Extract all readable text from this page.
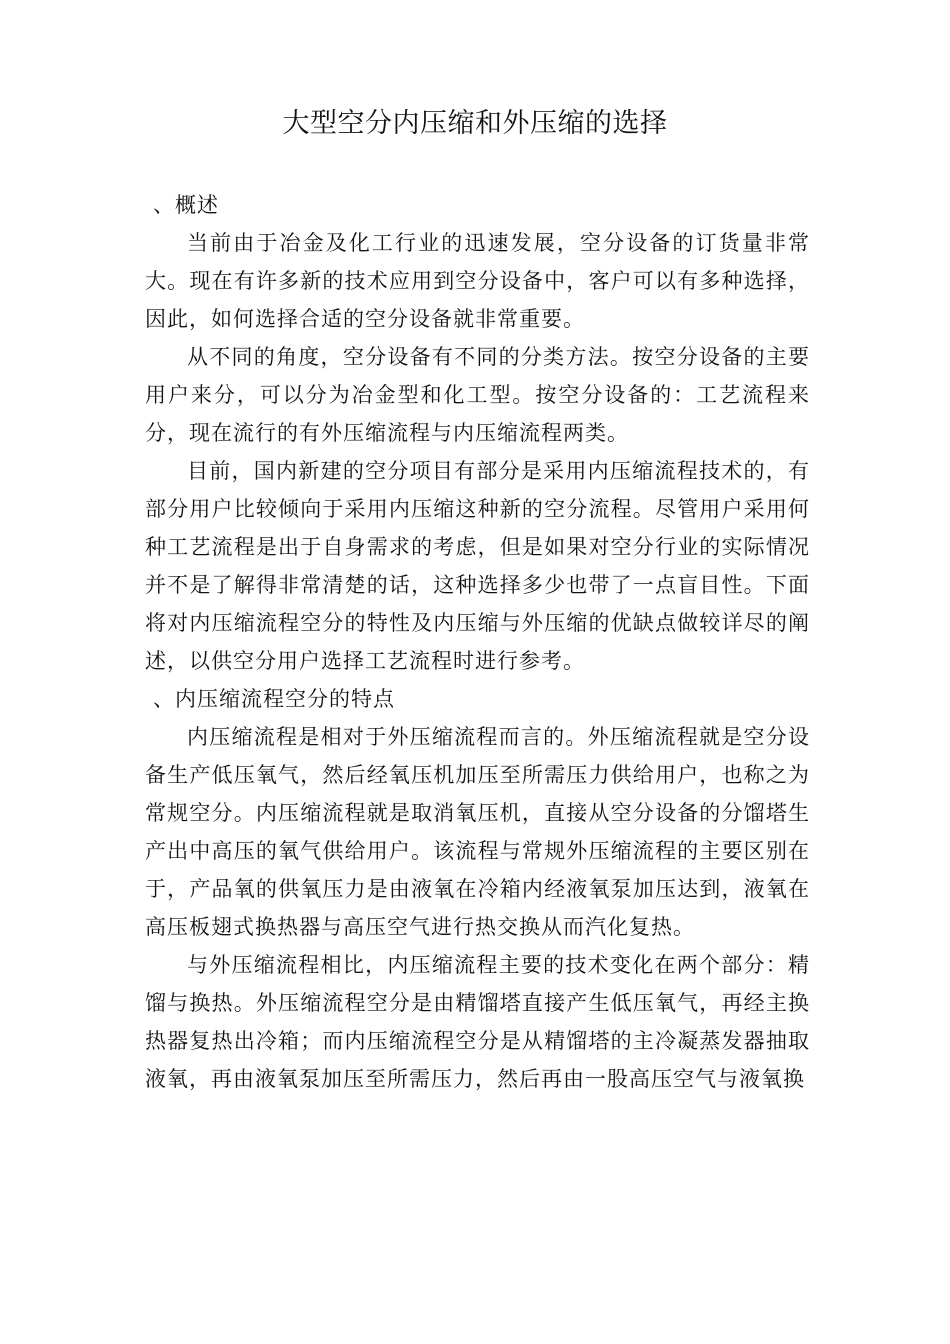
大型空分内压缩和外压缩的选择

、概述

当前由于冶金及化工行业的迅速发展，空分设备的订货量非常大。现在有许多新的技术应用到空分设备中，客户可以有多种选择，因此，如何选择合适的空分设备就非常重要。

从不同的角度，空分设备有不同的分类方法。按空分设备的主要用户来分，可以分为冶金型和化工型。按空分设备的：工艺流程来分，现在流行的有外压缩流程与内压缩流程两类。

目前，国内新建的空分项目有部分是采用内压缩流程技术的，有部分用户比较倾向于采用内压缩这种新的空分流程。尽管用户采用何种工艺流程是出于自身需求的考虑，但是如果对空分行业的实际情况并不是了解得非常清楚的话，这种选择多少也带了一点盲目性。下面将对内压缩流程空分的特性及内压缩与外压缩的优缺点做较详尽的阐述，以供空分用户选择工艺流程时进行参考。

、内压缩流程空分的特点

内压缩流程是相对于外压缩流程而言的。外压缩流程就是空分设备生产低压氧气，然后经氧压机加压至所需压力供给用户，也称之为常规空分。内压缩流程就是取消氧压机，直接从空分设备的分馏塔生产出中高压的氧气供给用户。该流程与常规外压缩流程的主要区别在于，产品氧的供氧压力是由液氧在冷箱内经液氧泵加压达到，液氧在高压板翅式换热器与高压空气进行热交换从而汽化复热。

与外压缩流程相比，内压缩流程主要的技术变化在两个部分：精馏与换热。外压缩流程空分是由精馏塔直接产生低压氧气，再经主换热器复热出冷箱；而内压缩流程空分是从精馏塔的主冷凝蒸发器抽取液氧，再由液氧泵加压至所需压力，然后再由一股高压空气与液氧换
